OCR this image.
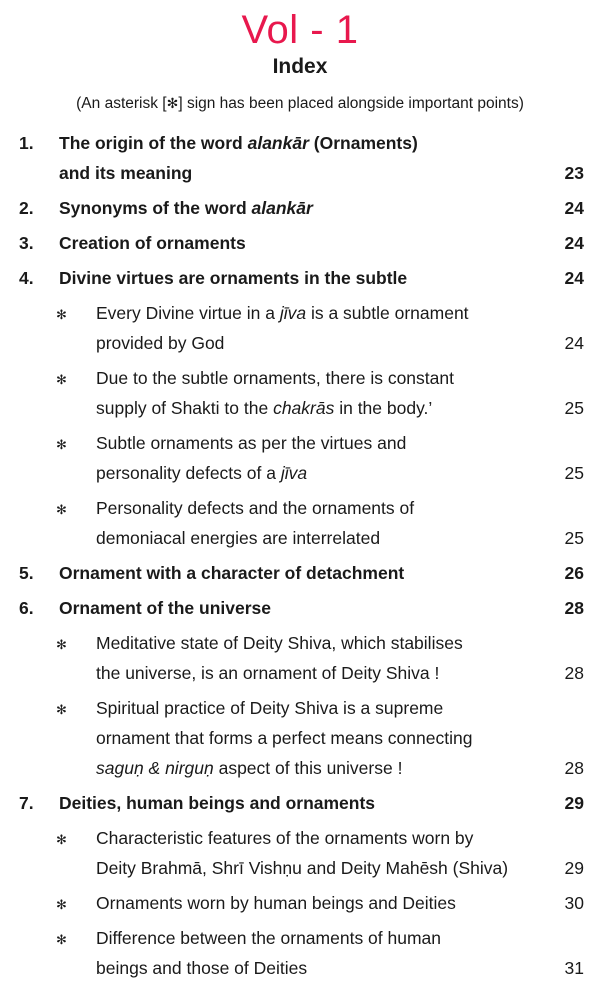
Vol - 1
Index
(An asterisk [✻] sign has been placed alongside important points)
1. The origin of the word alankār (Ornaments)
and its meaning	23
2. Synonyms of the word alankār	24
3. Creation of ornaments	24
4. Divine virtues are ornaments in the subtle	24
✻ Every Divine virtue in a jīva is a subtle ornament
provided by God	24
✻ Due to the subtle ornaments, there is constant
supply of Shakti to the chakrās in the body.’	25
✻ Subtle ornaments as per the virtues and
personality defects of a jīva	25
✻ Personality defects and the ornaments of
demoniacal energies are interrelated	25
5. Ornament with a character of detachment	26
6. Ornament of the universe	28
✻ Meditative state of Deity Shiva, which stabilises
the universe, is an ornament of Deity Shiva !	28
✻ Spiritual practice of Deity Shiva is a supreme
ornament that forms a perfect means connecting
saguṇ & nirguṇ aspect of this universe !	28
7. Deities, human beings and ornaments	29
✻ Characteristic features of the ornaments worn by
Deity Brahmā, Shrī Vishṇu and Deity Mahēsh (Shiva)	29
✻ Ornaments worn by human beings and Deities	30
✻ Difference between the ornaments of human
beings and those of Deities	31
